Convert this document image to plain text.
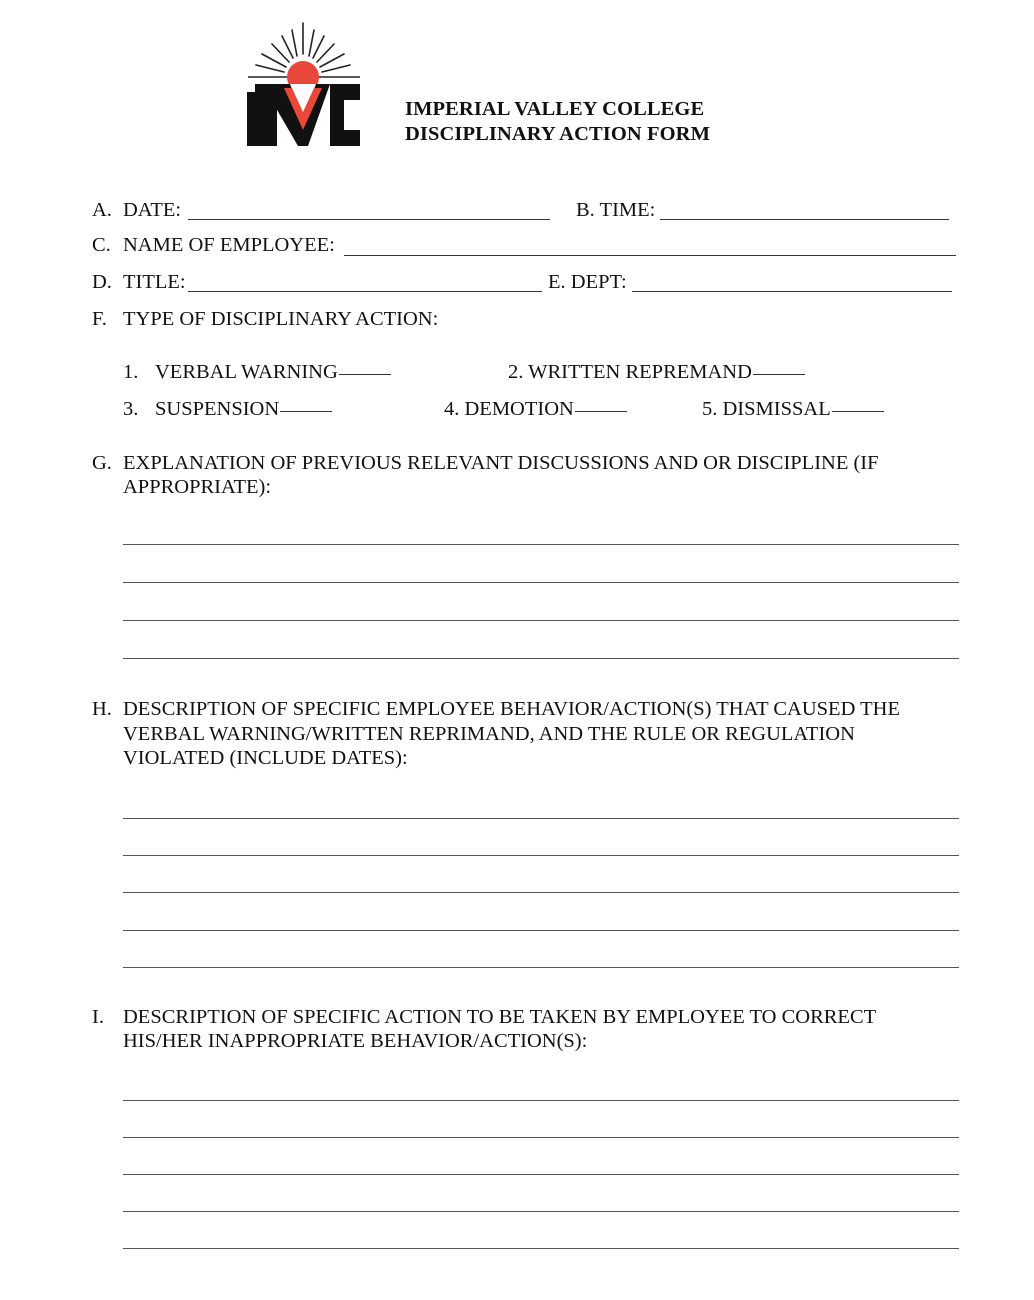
IMPERIAL VALLEY COLLEGE
DISCIPLINARY ACTION FORM
A. DATE:	B. TIME:
C. NAME OF EMPLOYEE:
D. TITLE:	E. DEPT:
F. TYPE OF DISCIPLINARY ACTION:
1. VERBAL WARNING	2. WRITTEN REPREMAND
3. SUSPENSION	4. DEMOTION	5. DISMISSAL
G. EXPLANATION OF PREVIOUS RELEVANT DISCUSSIONS AND OR DISCIPLINE (IF
APPROPRIATE):
H. DESCRIPTION OF SPECIFIC EMPLOYEE BEHAVIOR/ACTION(S) THAT CAUSED THE
VERBAL WARNING/WRITTEN REPRIMAND, AND THE RULE OR REGULATION
VIOLATED (INCLUDE DATES):
I. DESCRIPTION OF SPECIFIC ACTION TO BE TAKEN BY EMPLOYEE TO CORRECT
HIS/HER INAPPROPRIATE BEHAVIOR/ACTION(S):
